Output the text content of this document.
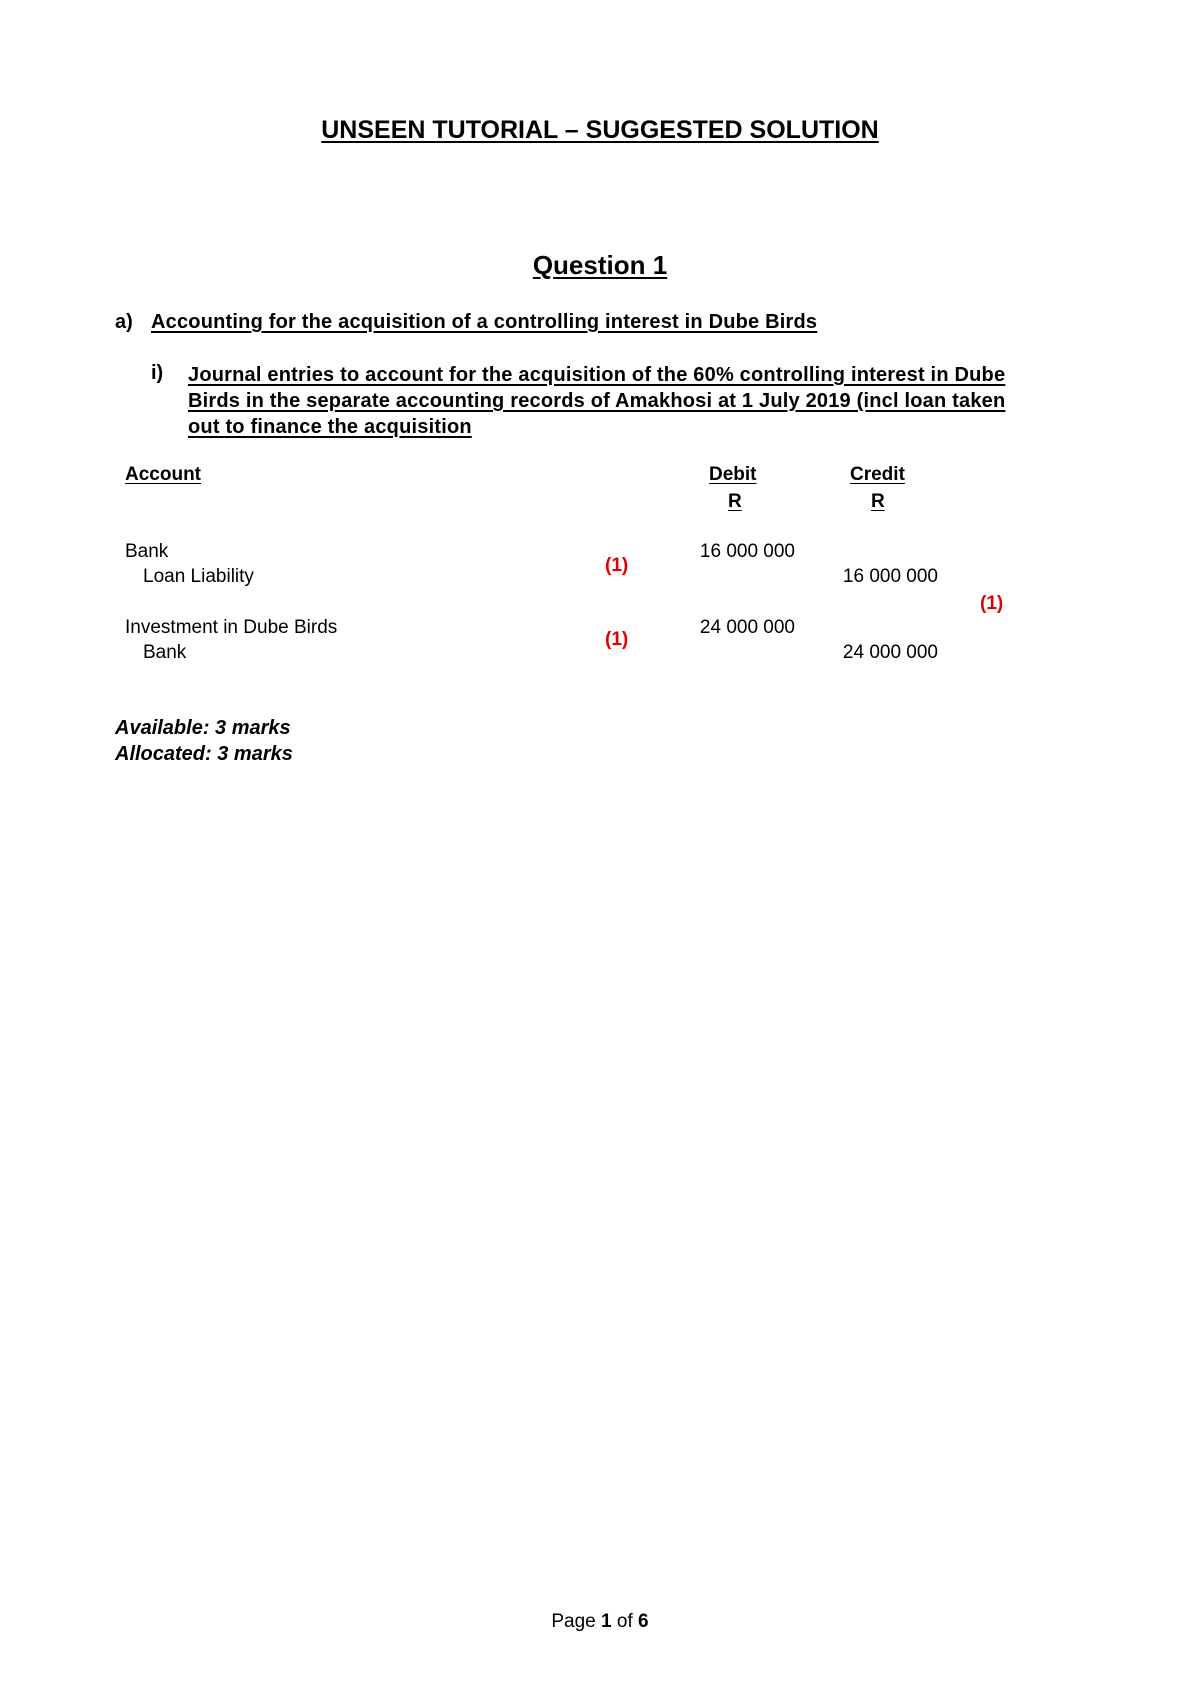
UNSEEN TUTORIAL – SUGGESTED SOLUTION
Question 1
a) Accounting for the acquisition of a controlling interest in Dube Birds
i) Journal entries to account for the acquisition of the 60% controlling interest in Dube
Birds in the separate accounting records of Amakhosi at 1 July 2019 (incl loan taken
out to finance the acquisition
Account	Debit
R
Credit
R
Bank
Loan Liability
(1)
16 000 000
16 000 000
(1)
Investment in Dube Birds
Bank
(1)
24 000 000
24 000 000
Available: 3 marks
Allocated: 3 marks
Page 1 of 6
